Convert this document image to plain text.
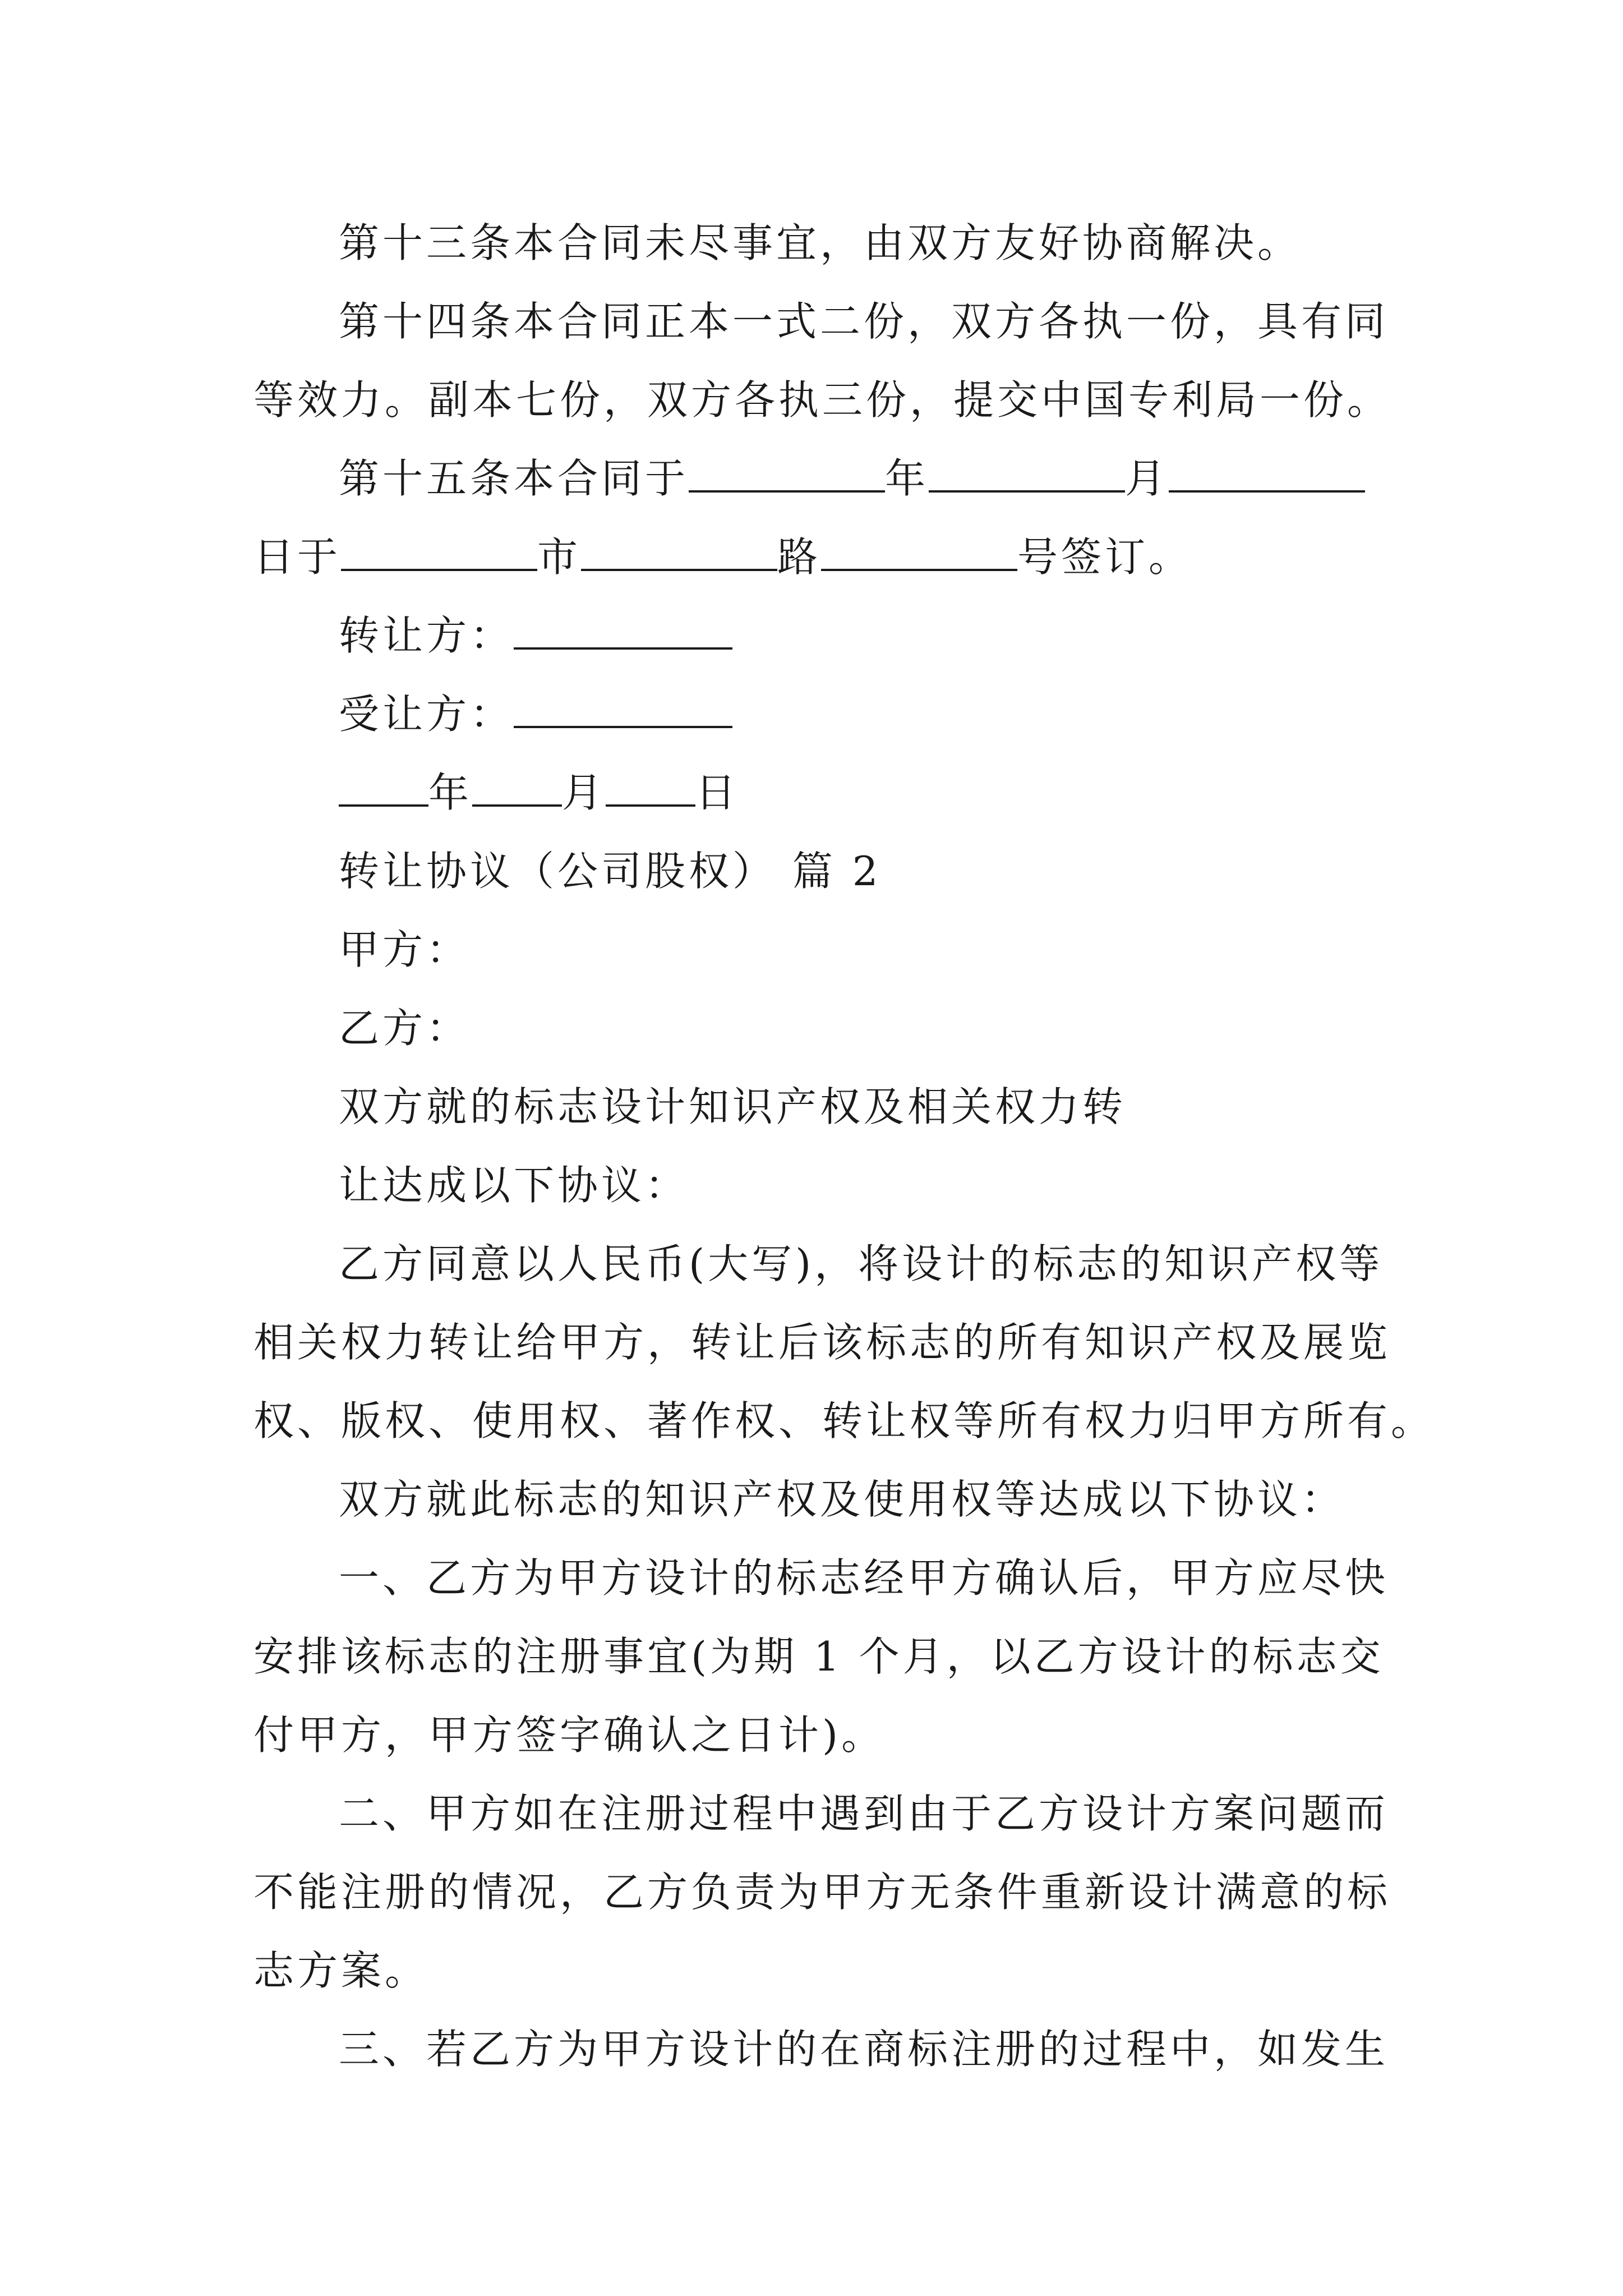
第十三条本合同未尽事宜，由双方友好协商解决。
第十四条本合同正本一式二份，双方各执一份，具有同
等效力。副本七份，双方各执三份，提交中国专利局一份。
第十五条本合同于	年	月
日于	市	路	号签订。
转让方：
受让方：
年 月 日
转让协议（公司股权） 篇 2
甲方：
乙方：
双方就的标志设计知识产权及相关权力转
让达成以下协议：
乙方同意以人民币(大写)，将设计的标志的知识产权等
相关权力转让给甲方，转让后该标志的所有知识产权及展览
权、版权、使用权、著作权、转让权等所有权力归甲方所有。
双方就此标志的知识产权及使用权等达成以下协议：
一、乙方为甲方设计的标志经甲方确认后，甲方应尽快
安排该标志的注册事宜(为期 1 个月，以乙方设计的标志交
付甲方，甲方签字确认之日计)。
二、甲方如在注册过程中遇到由于乙方设计方案问题而
不能注册的情况，乙方负责为甲方无条件重新设计满意的标
志方案。
三、若乙方为甲方设计的在商标注册的过程中，如发生
